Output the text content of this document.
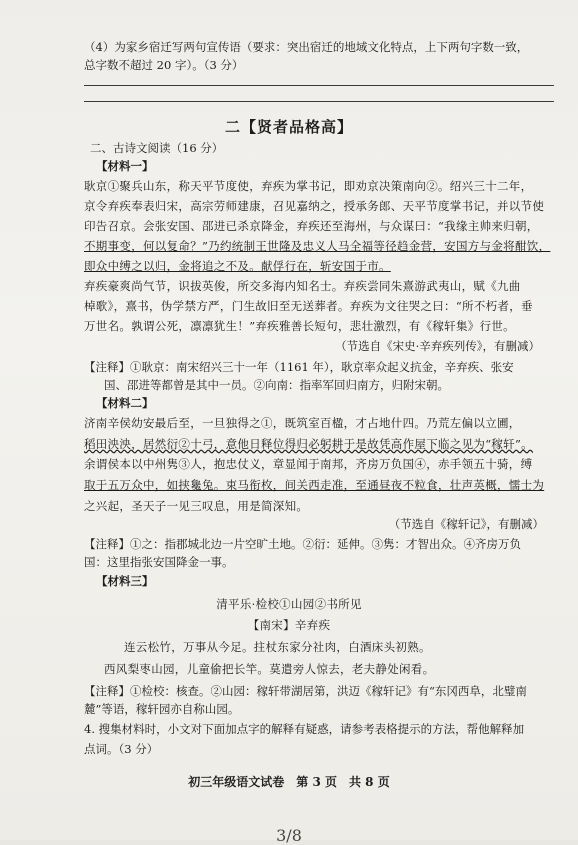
（4）为家乡宿迁写两句宣传语（要求：突出宿迁的地域文化特点，上下两句字数一致，
总字数不超过 20 字）。（3 分）
二【贤者品格高】
二、古诗文阅读（16 分）
【材料一】
耿京①聚兵山东，称天平节度使，弃疾为掌书记，即劝京决策南向②。绍兴三十二年，
京令弃疾奉表归宋，高宗劳师建康，召见嘉纳之，授承务郎、天平节度掌书记，并以节使
印告召京。会张安国、邵进已杀京降金，弃疾还至海州，与众谋曰：“我缘主帅来归朝，
不期事变，何以复命？”乃约统制王世隆及忠义人马全福等径趋金营，安国方与金将酣饮，
即众中缚之以归，金将追之不及。献俘行在，斩安国于市。
弃疾豪爽尚气节，识拔英俊，所交多海内知名士。弃疾尝同朱熹游武夷山，赋《九曲
棹歌》，熹书，伪学禁方严，门生故旧至无送葬者。弃疾为文往哭之曰：“所不朽者，垂
万世名。孰谓公死，凛凛犹生！”弃疾雅善长短句，悲壮激烈，有《稼轩集》行世。
（节选自《宋史·辛弃疾列传》，有删减）
【注释】①耿京：南宋绍兴三十一年（1161 年），耿京率众起义抗金，辛弃疾、张安
国、邵进等都曾是其中一员。②向南：指率军回归南方，归附宋朝。
【材料二】
济南辛侯幼安最后至，一旦独得之①，既筑室百楹，才占地什四。乃荒左偏以立圃，
稻田泱泱，居然衍②十弓，意他日释位得归必躬耕于是故凭高作屋下临之见为“稼轩”。
余谓侯本以中州隽③人，抱忠仗义，章显闻于南邦，齐房万负国④，赤手领五十骑，缚
取于五万众中，如挟毚兔。束马衔枚，间关西走准，至通昼夜不粒食，壮声英概，懦士为
之兴起，圣天子一见三叹息，用是简深知。
（节选自《稼轩记》，有删减）
【注释】①之：指郡城北边一片空旷土地。②衍：延伸。③隽：才智出众。④齐房万负
国：这里指张安国降金一事。
【材料三】
清平乐·检校①山园②书所见
【南宋】辛弃疾
连云松竹，万事从今足。拄杖东家分社肉，白酒床头初熟。
西风梨枣山园，儿童偷把长竿。莫遣旁人惊去，老夫静处闲看。
【注释】①检校：核查。②山园：稼轩带湖居第，洪迈《稼轩记》有“东冈西阜，北璧南
麓”等语，稼轩园亦自称山园。
4. 搜集材料时，小文对下面加点字的解释有疑惑，请参考表格提示的方法，帮他解释加
点词。（3 分）
初三年级语文试卷　第 3 页　共 8 页
3/8
